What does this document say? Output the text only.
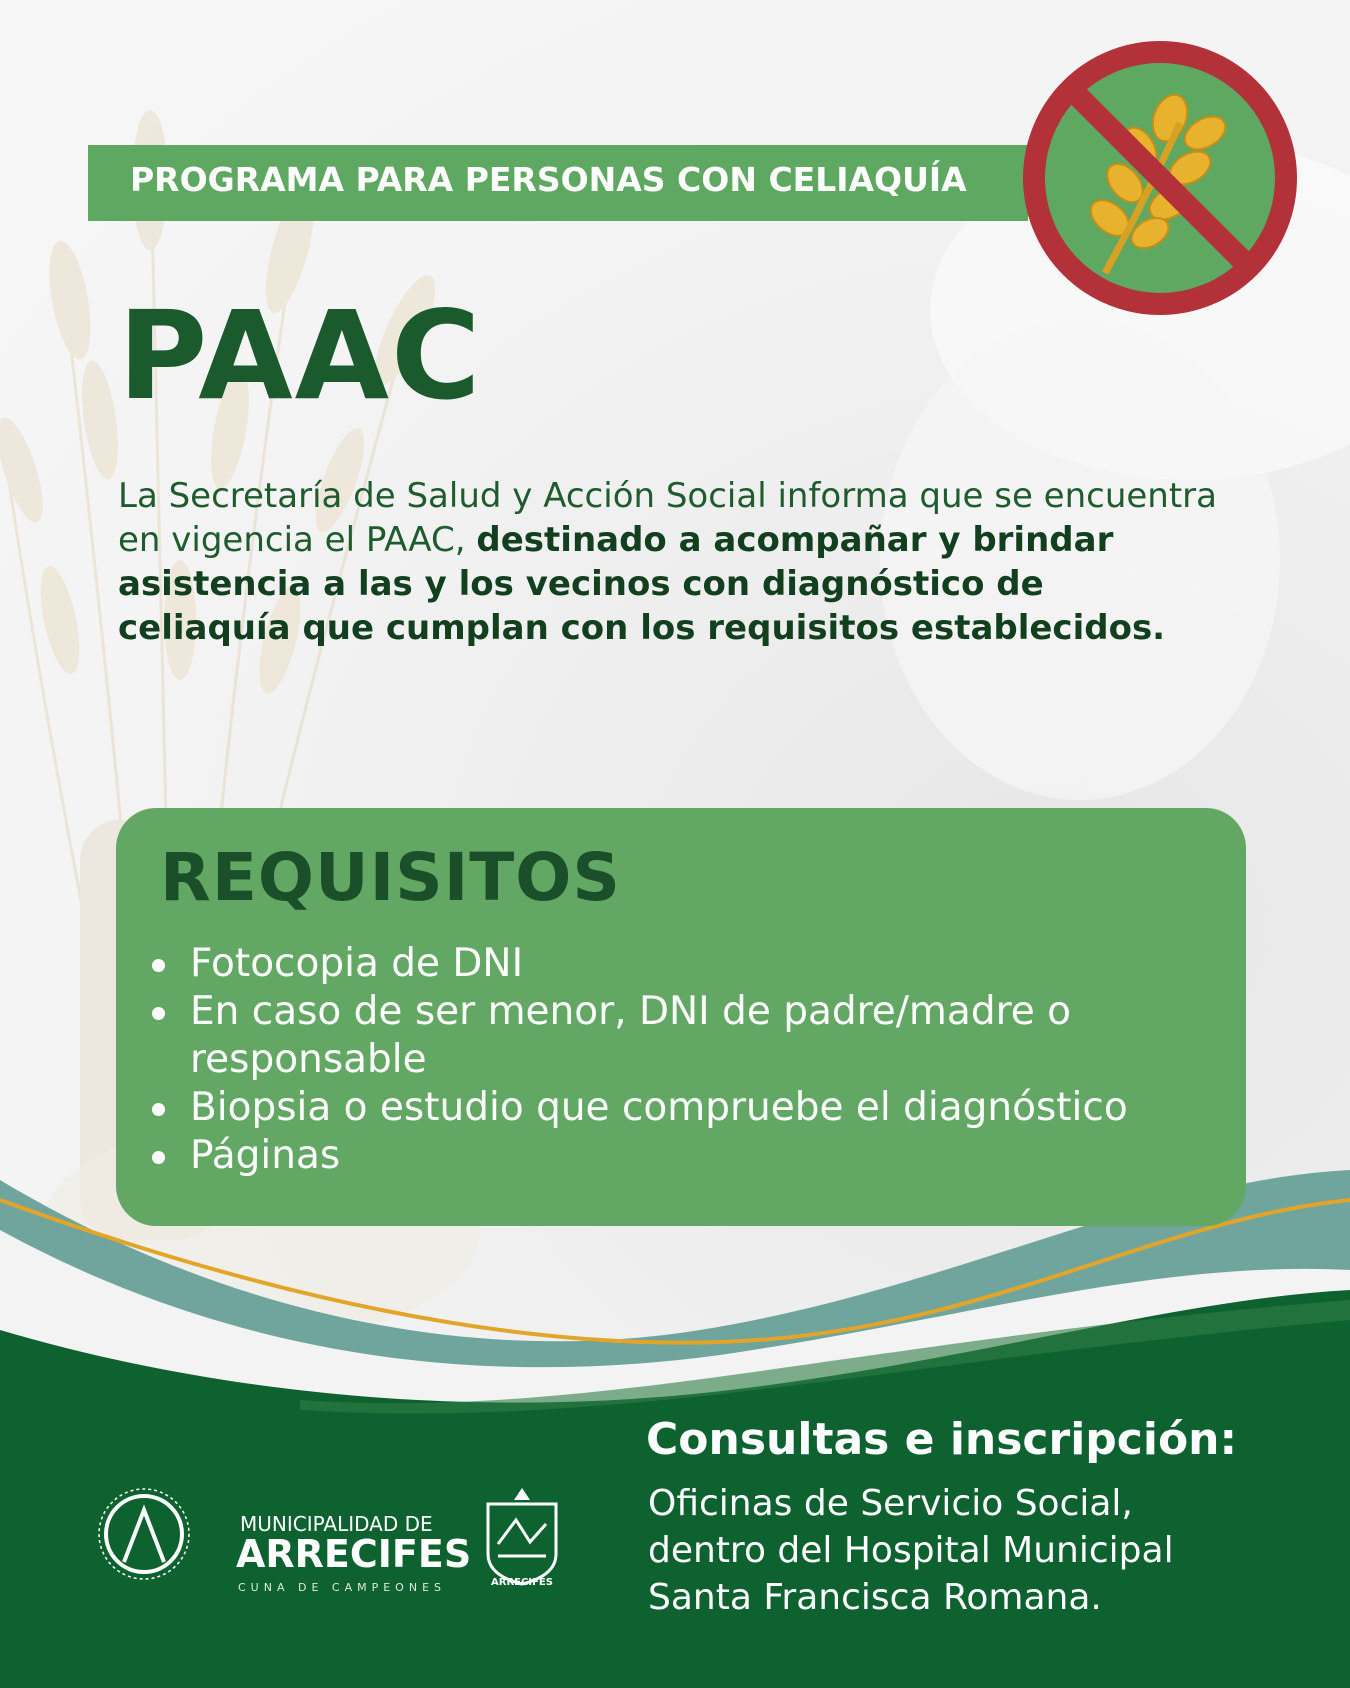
PROGRAMA PARA PERSONAS CON CELIAQUÍA
PAAC
La Secretaría de Salud y Acción Social informa que se encuentra en vigencia el PAAC, destinado a acompañar y brindar asistencia a las y los vecinos con diagnóstico de celiaquía que cumplan con los requisitos establecidos.
REQUISITOS
Fotocopia de DNI
En caso de ser menor, DNI de padre/madre o responsable
Biopsia o estudio que compruebe el diagnóstico
Páginas
Consultas e inscripción:
Oficinas de Servicio Social,
dentro del Hospital Municipal
Santa Francisca Romana.
MUNICIPALIDAD DE
ARRECIFES
CUNA DE CAMPEONES	ARRECIFES
